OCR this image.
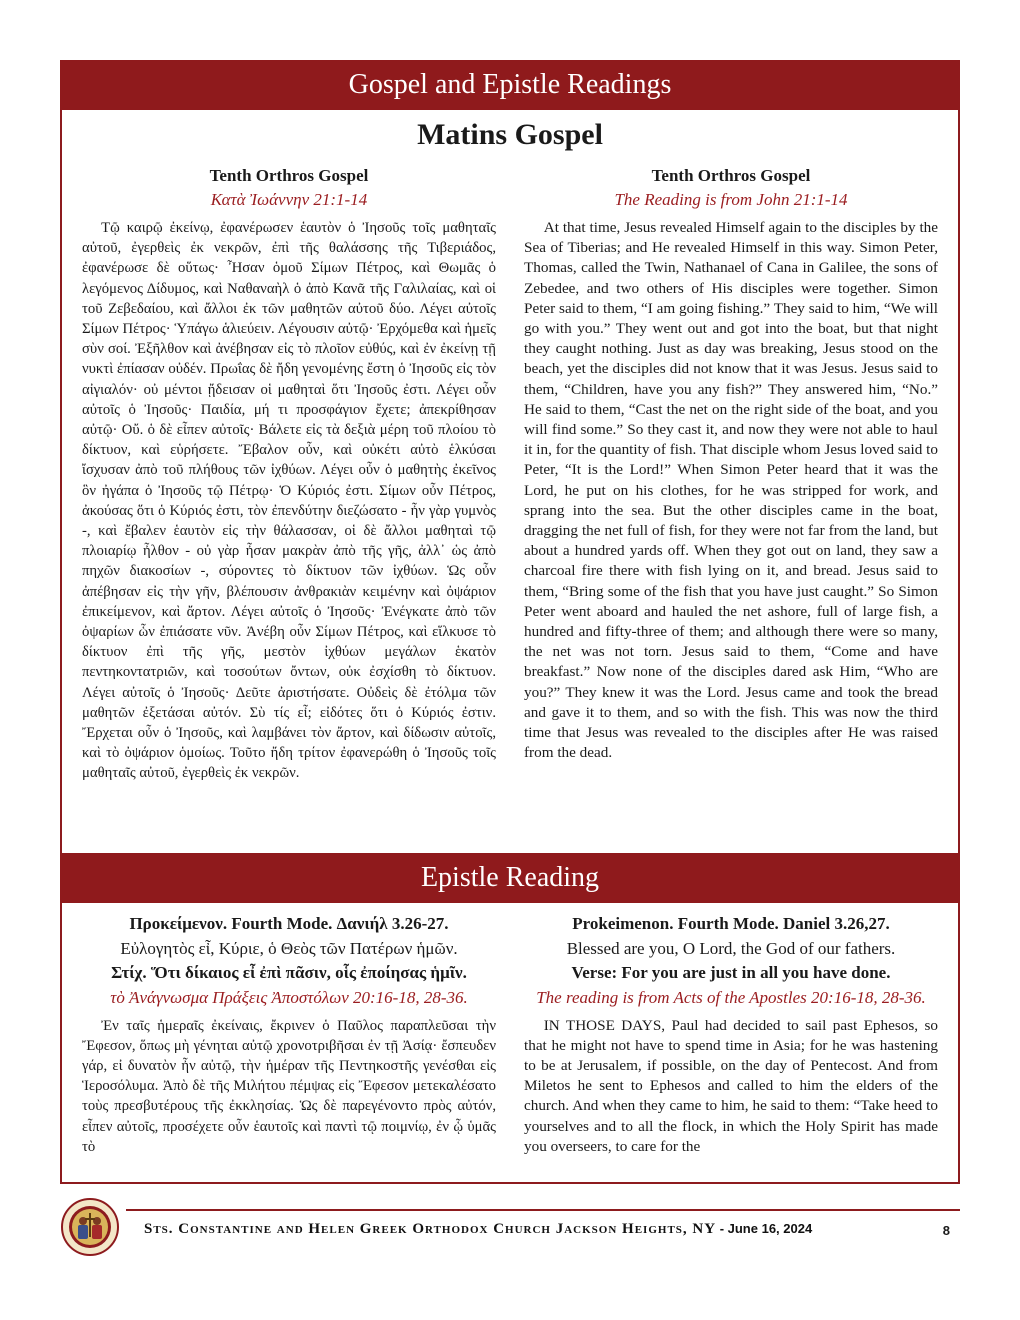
Gospel and Epistle Readings
Matins Gospel

Tenth Orthros Gospel

Κατὰ Ἰωάννην 21:1-14

Τῷ καιρῷ ἐκείνῳ, ἐφανέρωσεν ἑαυτὸν ὁ Ἰησοῦς τοῖς μαθηταῖς αὐτοῦ, ἐγερθεὶς ἐκ νεκρῶν, ἐπὶ τῆς θαλάσσης τῆς Τιβεριάδος, ἐφανέρωσε δὲ οὕτως· Ἦσαν ὁμοῦ Σίμων Πέτρος, καὶ Θωμᾶς ὁ λεγόμενος Δίδυμος, καὶ Ναθαναὴλ ὁ ἀπὸ Κανᾶ τῆς Γαλιλαίας, καὶ οἱ τοῦ Ζεβεδαίου, καὶ ἄλλοι ἐκ τῶν μαθητῶν αὐτοῦ δύο. Λέγει αὐτοῖς Σίμων Πέτρος· Ὑπάγω ἁλιεύειν. Λέγουσιν αὐτῷ· Ἐρχόμεθα καὶ ἡμεῖς σὺν σοί. Ἐξῆλθον καὶ ἀνέβησαν εἰς τὸ πλοῖον εὐθύς, καὶ ἐν ἐκείνῃ τῇ νυκτὶ ἐπίασαν οὐδέν. Πρωΐας δὲ ἤδη γενομένης ἔστη ὁ Ἰησοῦς εἰς τὸν αἰγιαλόν· οὐ μέντοι ᾔδεισαν οἱ μαθηταὶ ὅτι Ἰησοῦς ἐστι. Λέγει οὖν αὐτοῖς ὁ Ἰησοῦς· Παιδία, μή τι προσφάγιον ἔχετε; ἀπεκρίθησαν αὐτῷ· Οὔ. ὁ δὲ εἶπεν αὐτοῖς· Βάλετε εἰς τὰ δεξιὰ μέρη τοῦ πλοίου τὸ δίκτυον, καὶ εὑρήσετε. Ἔβαλον οὖν, καὶ οὐκέτι αὐτὸ ἑλκύσαι ἴσχυσαν ἀπὸ τοῦ πλήθους τῶν ἰχθύων. Λέγει οὖν ὁ μαθητὴς ἐκεῖνος ὃν ἠγάπα ὁ Ἰησοῦς τῷ Πέτρῳ· Ὁ Κύριός ἐστι. Σίμων οὖν Πέτρος, ἀκούσας ὅτι ὁ Κύριός ἐστι, τὸν ἐπενδύτην διεζώσατο - ἦν γὰρ γυμνὸς -, καὶ ἔβαλεν ἑαυτὸν εἰς τὴν θάλασσαν, οἱ δὲ ἄλλοι μαθηταὶ τῷ πλοιαρίῳ ἦλθον - οὐ γὰρ ἦσαν μακρὰν ἀπὸ τῆς γῆς, ἀλλ᾽ ὡς ἀπὸ πηχῶν διακοσίων -, σύροντες τὸ δίκτυον τῶν ἰχθύων. Ὡς οὖν ἀπέβησαν εἰς τὴν γῆν, βλέπουσιν ἀνθρακιὰν κειμένην καὶ ὀψάριον ἐπικείμενον, καὶ ἄρτον. Λέγει αὐτοῖς ὁ Ἰησοῦς· Ἐνέγκατε ἀπὸ τῶν ὀψαρίων ὧν ἐπιάσατε νῦν. Ἀνέβη οὖν Σίμων Πέτρος, καὶ εἵλκυσε τὸ δίκτυον ἐπὶ τῆς γῆς, μεστὸν ἰχθύων μεγάλων ἑκατὸν πεντηκοντατριῶν, καὶ τοσούτων ὄντων, οὐκ ἐσχίσθη τὸ δίκτυον. Λέγει αὐτοῖς ὁ Ἰησοῦς· Δεῦτε ἀριστήσατε. Οὐδεὶς δὲ ἐτόλμα τῶν μαθητῶν ἐξετάσαι αὐτόν. Σὺ τίς εἶ; εἰδότες ὅτι ὁ Κύριός ἐστιν. Ἔρχεται οὖν ὁ Ἰησοῦς, καὶ λαμβάνει τὸν ἄρτον, καὶ δίδωσιν αὐτοῖς, καὶ τὸ ὀψάριον ὁμοίως. Τοῦτο ἤδη τρίτον ἐφανερώθη ὁ Ἰησοῦς τοῖς μαθηταῖς αὐτοῦ, ἐγερθεὶς ἐκ νεκρῶν.

Tenth Orthros Gospel

The Reading is from John 21:1-14

At that time, Jesus revealed Himself again to the disciples by the Sea of Tiberias; and He revealed Himself in this way. Simon Peter, Thomas, called the Twin, Nathanael of Cana in Galilee, the sons of Zebedee, and two others of His disciples were together. Simon Peter said to them, “I am going fishing.” They said to him, “We will go with you.” They went out and got into the boat, but that night they caught nothing. Just as day was breaking, Jesus stood on the beach, yet the disciples did not know that it was Jesus. Jesus said to them, “Children, have you any fish?” They answered him, “No.” He said to them, “Cast the net on the right side of the boat, and you will find some.” So they cast it, and now they were not able to haul it in, for the quantity of fish. That disciple whom Jesus loved said to Peter, “It is the Lord!” When Simon Peter heard that it was the Lord, he put on his clothes, for he was stripped for work, and sprang into the sea. But the other disciples came in the boat, dragging the net full of fish, for they were not far from the land, but about a hundred yards off. When they got out on land, they saw a charcoal fire there with fish lying on it, and bread. Jesus said to them, “Bring some of the fish that you have just caught.” So Simon Peter went aboard and hauled the net ashore, full of large fish, a hundred and fifty-three of them; and although there were so many, the net was not torn. Jesus said to them, “Come and have breakfast.” Now none of the disciples dared ask Him, “Who are you?” They knew it was the Lord. Jesus came and took the bread and gave it to them, and so with the fish. This was now the third time that Jesus was revealed to the disciples after He was raised from the dead.

Epistle Reading

Προκείμενον. Fourth Mode. Δανιήλ 3.26-27.

Εὐλογητὸς εἶ, Κύριε, ὁ Θεὸς τῶν Πατέρων ἡμῶν.

Στίχ. Ὅτι δίκαιος εἶ ἐπὶ πᾶσιν, οἷς ἐποίησας ἡμῖν.

τὸ Ἀνάγνωσμα Πράξεις Ἀποστόλων 20:16-18, 28-36.

Ἐν ταῖς ἡμεραῖς ἐκείναις, ἔκρινεν ὁ Παῦλος παραπλεῦσαι τὴν Ἔφεσον, ὅπως μὴ γένηται αὐτῷ χρονοτριβῆσαι ἐν τῇ Ἀσίᾳ· ἔσπευδεν γάρ, εἰ δυνατὸν ἦν αὐτῷ, τὴν ἡμέραν τῆς Πεντηκοστῆς γενέσθαι εἰς Ἱεροσόλυμα. Ἀπὸ δὲ τῆς Μιλήτου πέμψας εἰς Ἔφεσον μετεκαλέσατο τοὺς πρεσβυτέρους τῆς ἐκκλησίας. Ὡς δὲ παρεγένοντο πρὸς αὐτόν, εἶπεν αὐτοῖς, προσέχετε οὖν ἑαυτοῖς καὶ παντὶ τῷ ποιμνίῳ, ἐν ᾧ ὑμᾶς τὸ

Prokeimenon. Fourth Mode. Daniel 3.26,27.

Blessed are you, O Lord, the God of our fathers.

Verse: For you are just in all you have done.

The reading is from Acts of the Apostles 20:16-18, 28-36.

IN THOSE DAYS, Paul had decided to sail past Ephesos, so that he might not have to spend time in Asia; for he was hastening to be at Jerusalem, if possible, on the day of Pentecost. And from Miletos he sent to Ephesos and called to him the elders of the church. And when they came to him, he said to them: “Take heed to yourselves and to all the flock, in which the Holy Spirit has made you overseers, to care for the

Sts. Constantine and Helen Greek Orthodox Church Jackson Heights, NY - June 16, 2024	8
